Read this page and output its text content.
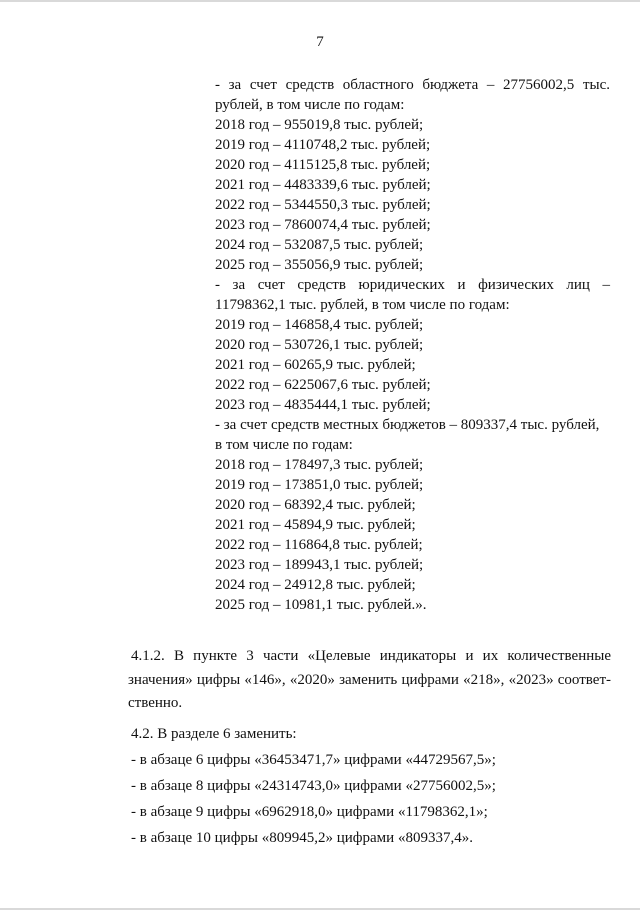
7
- за счет средств областного бюджета – 27756002,5 тыс.
рублей, в том числе по годам:
2018 год – 955019,8 тыс. рублей;
2019 год – 4110748,2 тыс. рублей;
2020 год – 4115125,8 тыс. рублей;
2021 год – 4483339,6 тыс. рублей;
2022 год – 5344550,3 тыс. рублей;
2023 год – 7860074,4 тыс. рублей;
2024 год – 532087,5 тыс. рублей;
2025 год – 355056,9 тыс. рублей;
- за счет средств юридических и физических лиц –
11798362,1 тыс. рублей, в том числе по годам:
2019 год – 146858,4 тыс. рублей;
2020 год – 530726,1 тыс. рублей;
2021 год – 60265,9 тыс. рублей;
2022 год – 6225067,6 тыс. рублей;
2023 год – 4835444,1 тыс. рублей;
- за счет средств местных бюджетов – 809337,4 тыс. рублей,
в том числе по годам:
2018 год – 178497,3 тыс. рублей;
2019 год – 173851,0 тыс. рублей;
2020 год – 68392,4 тыс. рублей;
2021 год – 45894,9 тыс. рублей;
2022 год – 116864,8 тыс. рублей;
2023 год – 189943,1 тыс. рублей;
2024 год – 24912,8 тыс. рублей;
2025 год – 10981,1 тыс. рублей.».
4.1.2. В пункте 3 части «Целевые индикаторы и их количественные
значения» цифры «146», «2020» заменить цифрами «218», «2023» соответ-
ственно.
4.2. В разделе 6 заменить:
- в абзаце 6 цифры «36453471,7» цифрами «44729567,5»;
- в абзаце 8 цифры «24314743,0» цифрами «27756002,5»;
- в абзаце 9 цифры «6962918,0» цифрами «11798362,1»;
- в абзаце 10 цифры «809945,2» цифрами «809337,4».
